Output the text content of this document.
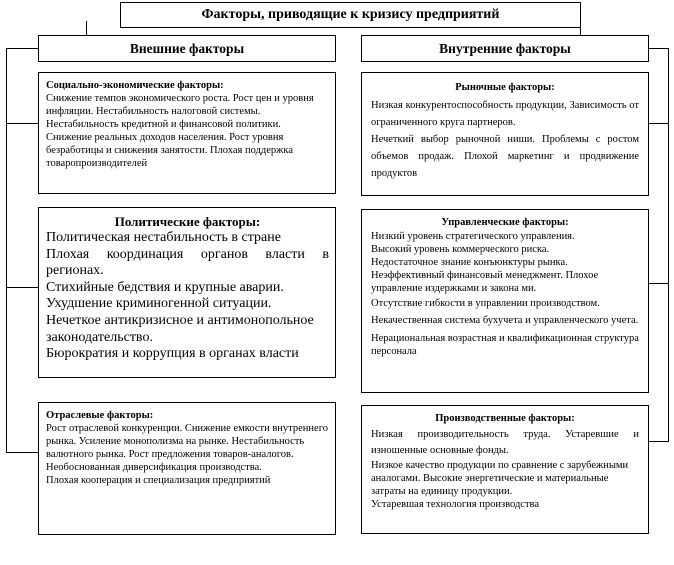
Факторы, приводящие к кризису предприятий
Внешние факторы	Внутренние факторы
Социально-экономические факторы:

Снижение темпов экономического роста. Рост цен и уровня инфляции. Нестабильность налоговой системы. Нестабильность кредитной и финансовой политики.

Снижение реальных доходов населения. Рост уровня безработицы и снижения занятости. Плохая поддержка товаропроизводителей

Политические факторы:

Политическая нестабильность в стране

Плохая координация органов власти в регионах.

Стихийные бедствия и крупные аварии.

Ухудшение криминогенной ситуации.

Нечеткое антикризисное и антимонопольное законодательство.

Бюрократия и коррупция в органах власти

Отраслевые факторы:

Рост отраслевой конкуренции. Снижение емкости внутреннего рынка. Усиление монополизма на рынке. Нестабильность валютного рынка. Рост предложения товаров-аналогов. Необоснованная диверсификация производства.

Плохая кооперация и специализация предприятий

Рыночные факторы:

Низкая конкурентоспособность продукции, Зависимость от ограниченного круга партнеров.

Нечеткий выбор рыночной ниши. Проблемы с ростом объемов продаж. Плохой маркетинг и продвижение продуктов

Управленческие факторы:

Низкий уровень стратегического управления.

Высокий уровень коммерческого риска.

Недостаточное знание конъюнктуры рынка.

Неэффективный финансовый менеджмент. Плохое управление издержками и закона ми.

Отсутствие гибкости в управлении производством.

Некачественная система бухучета и управленческого учета.

Нерациональная возрастная и квалификационная структура персонала

Производственные факторы:

Низкая производительность труда. Устаревшие и изношенные основные фонды.

Низкое качество продукции по сравнение с зарубежными аналогами. Высокие энергетические и материальные затраты на единицу продукции.

Устаревшая технология производства
